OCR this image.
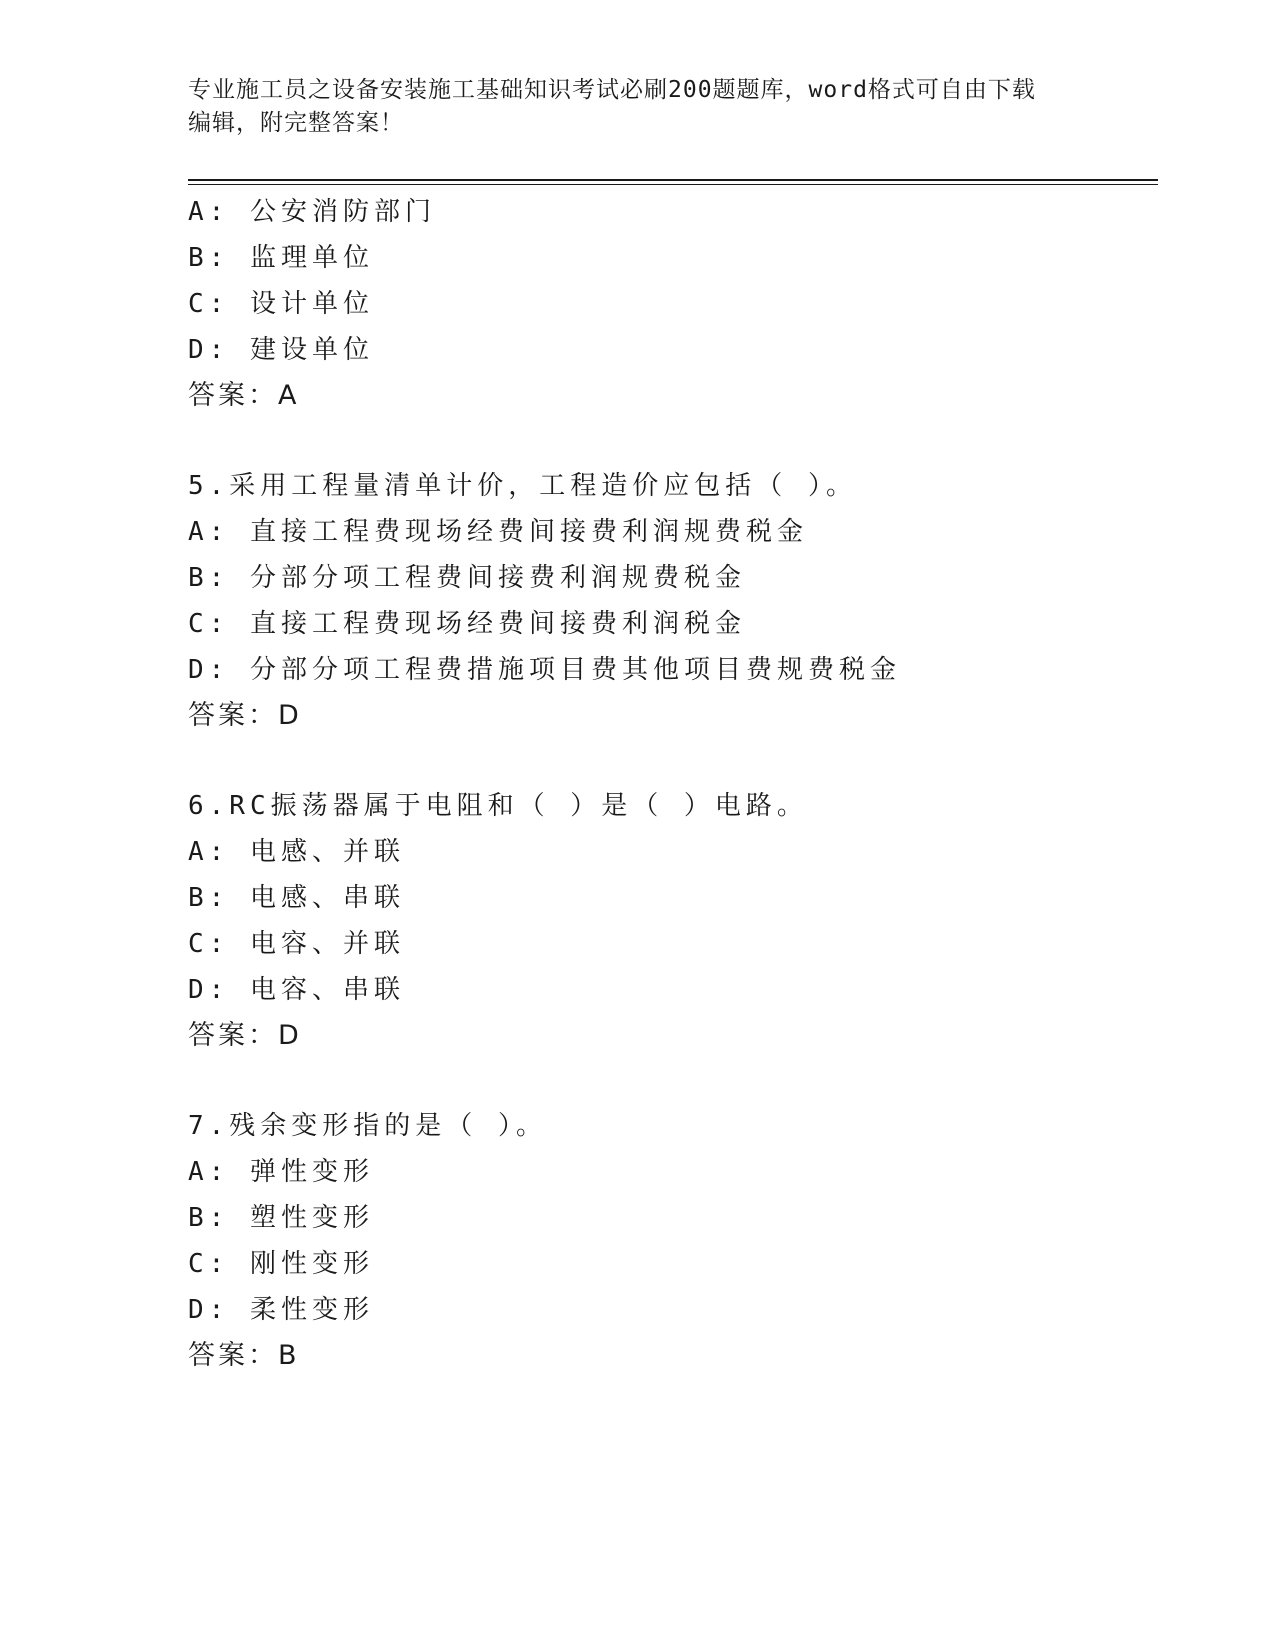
专业施工员之设备安装施工基础知识考试必刷200题题库，word格式可自由下载
编辑，附完整答案！
A: 公安消防部门
B: 监理单位
C: 设计单位
D: 建设单位
答案：A
5.采用工程量清单计价，工程造价应包括（ ）。
A: 直接工程费现场经费间接费利润规费税金
B: 分部分项工程费间接费利润规费税金
C: 直接工程费现场经费间接费利润税金
D: 分部分项工程费措施项目费其他项目费规费税金
答案：D
6.RC振荡器属于电阻和（ ）是（ ）电路。
A: 电感、并联
B: 电感、串联
C: 电容、并联
D: 电容、串联
答案：D
7.残余变形指的是（ ）。
A: 弹性变形
B: 塑性变形
C: 刚性变形
D: 柔性变形
答案：B
